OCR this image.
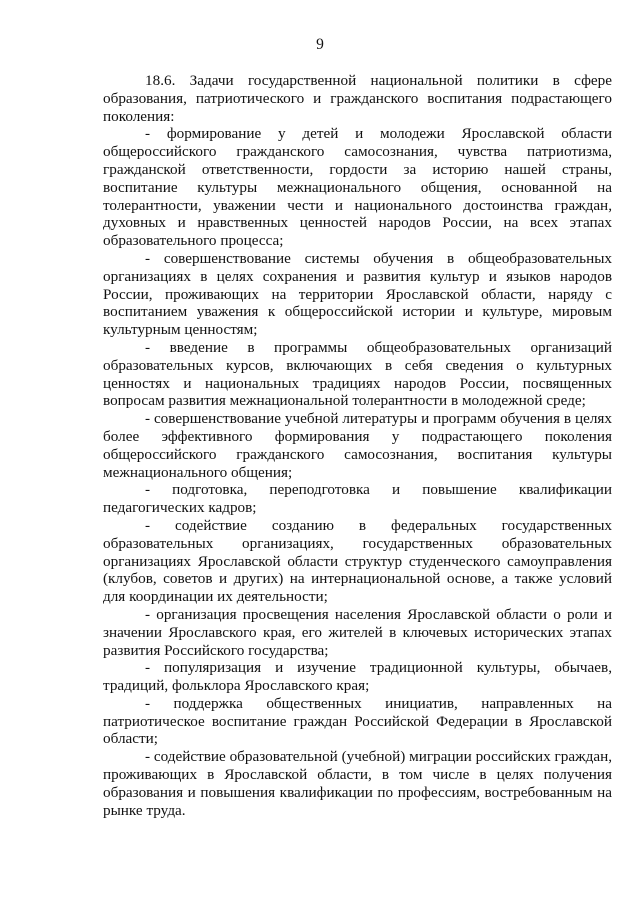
9

18.6. Задачи государственной национальной политики в сфере образования, патриотического и гражданского воспитания подрастающего поколения:

- формирование у детей и молодежи Ярославской области общероссийского гражданского самосознания, чувства патриотизма, гражданской ответственности, гордости за историю нашей страны, воспитание культуры межнационального общения, основанной на толерантности, уважении чести и национального достоинства граждан, духовных и нравственных ценностей народов России, на всех этапах образовательного процесса;

- совершенствование системы обучения в общеобразовательных организациях в целях сохранения и развития культур и языков народов России, проживающих на территории Ярославской области, наряду с воспитанием уважения к общероссийской истории и культуре, мировым культурным ценностям;

- введение в программы общеобразовательных организаций образовательных курсов, включающих в себя сведения о культурных ценностях и национальных традициях народов России, посвященных вопросам развития межнациональной толерантности в молодежной среде;

- совершенствование учебной литературы и программ обучения в целях более эффективного формирования у подрастающего поколения общероссийского гражданского самосознания, воспитания культуры межнационального общения;

- подготовка, переподготовка и повышение квалификации педагогических кадров;

- содействие созданию в федеральных государственных образовательных организациях, государственных образовательных организациях Ярославской области структур студенческого самоуправления (клубов, советов и других) на интернациональной основе, а также условий для координации их деятельности;

- организация просвещения населения Ярославской области о роли и значении Ярославского края, его жителей в ключевых исторических этапах развития Российского государства;

- популяризация и изучение традиционной культуры, обычаев, традиций, фольклора Ярославского края;

- поддержка общественных инициатив, направленных на патриотическое воспитание граждан Российской Федерации в Ярославской области;

- содействие образовательной (учебной) миграции российских граждан, проживающих в Ярославской области, в том числе в целях получения образования и повышения квалификации по профессиям, востребованным на рынке труда.
